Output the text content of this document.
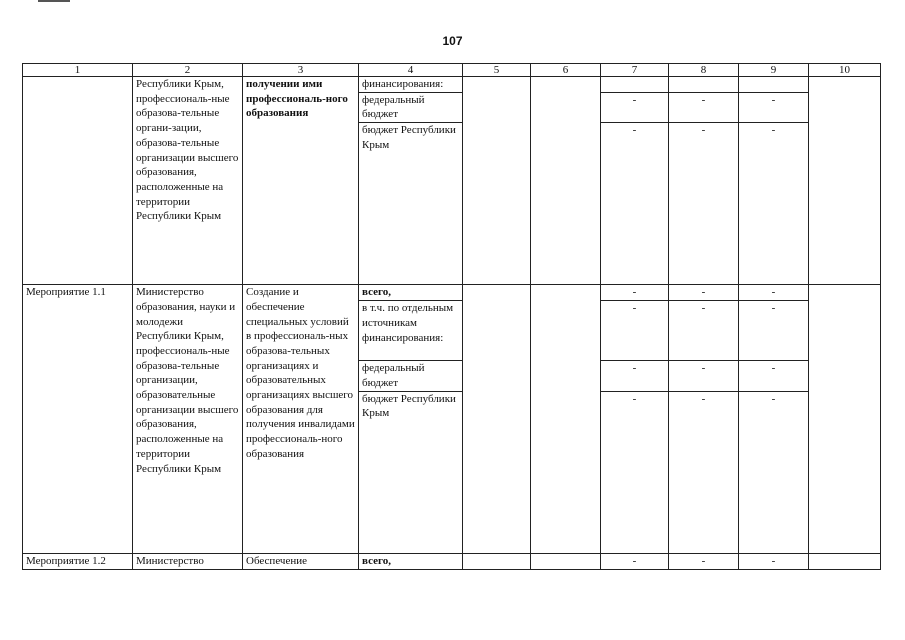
107
1	2	3	4	5	6	7	8	9	10
	Республики Крым, профессиональ-ные образова-тельные органи-зации, образова-тельные организации высшего образования, расположенные на территории Республики Крым	получении ими профессиональ-ного образования	финансирования:						
			федеральный бюджет			-	-	-	
			бюджет Республики Крым			-	-	-	
Мероприятие 1.1	Министерство образования, науки и молодежи Республики Крым, профессиональ-ные образова-тельные организации, образовательные организации высшего образования, расположенные на территории Республики Крым	Создание и обеспечение специальных условий в профессиональ-ных образова-тельных организациях и образовательных организациях высшего образования для получения инвалидами профессиональ-ного образования	всего,			-	-	-	
			в т.ч. по отдельным источникам финансирования:			-	-	-	
			федеральный бюджет			-	-	-	
			бюджет Республики Крым			-	-	-	
Мероприятие 1.2	Министерство	Обеспечение	всего,			-	-	-	
